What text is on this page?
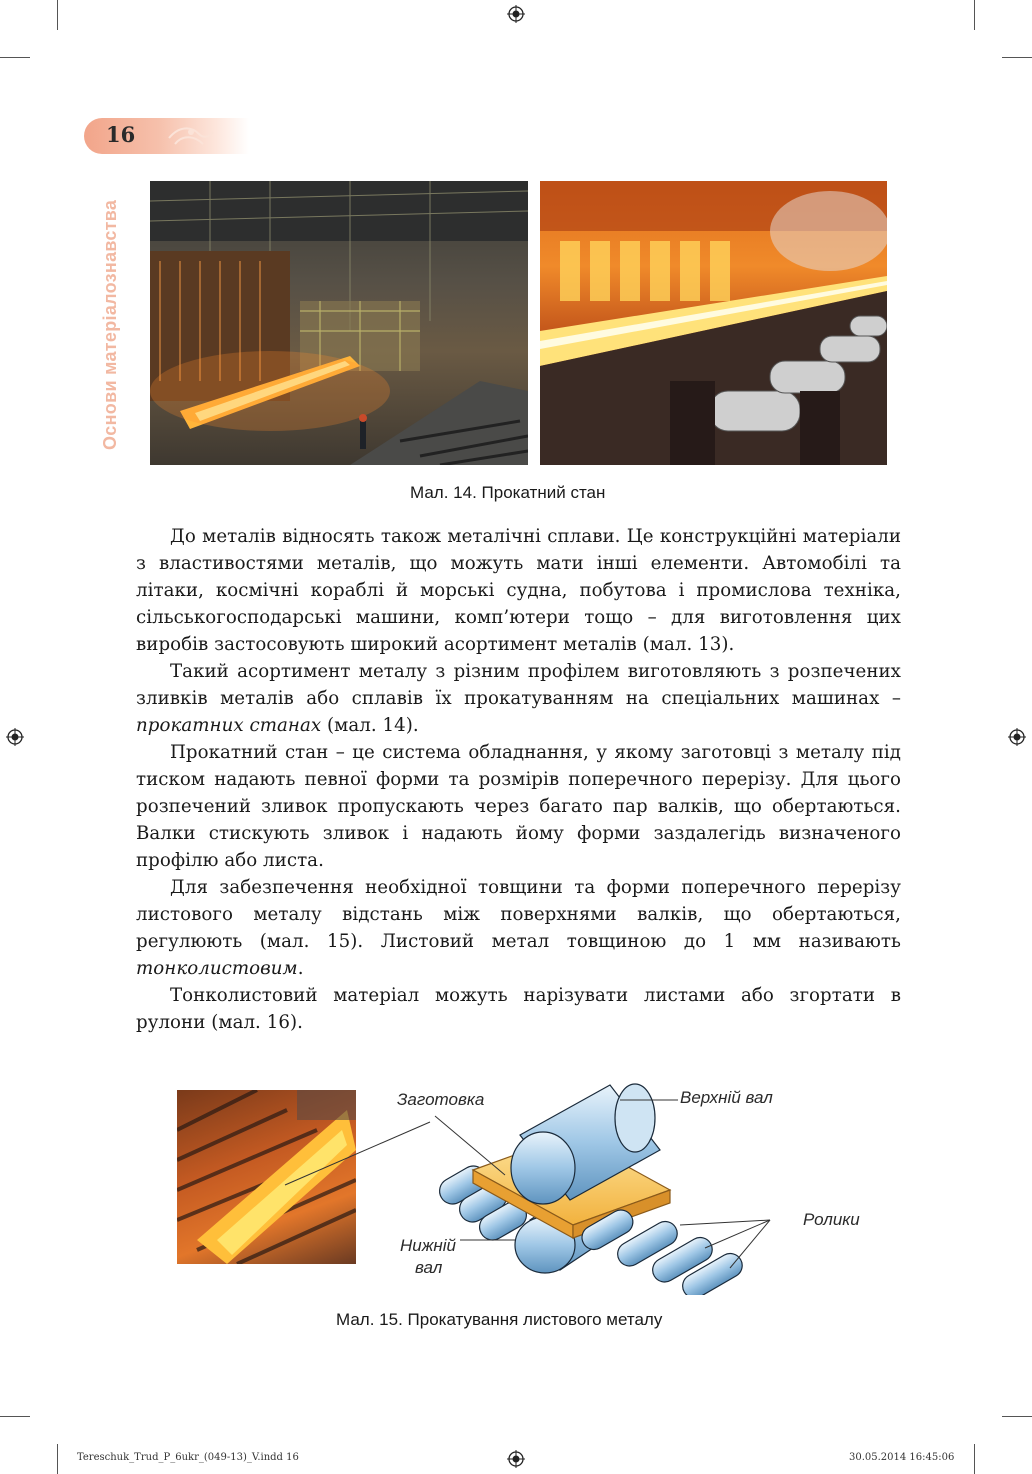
16
Основи матеріалознавства
Мал. 14. Прокатний стан

До металів відносять також металічні сплави. Це конструкційні матеріали з властивостями металів, що можуть мати інші елементи. Автомобілі та літаки, космічні кораблі й морські судна, побутова і промислова техніка, сільськогосподарські машини, комп’ютери тощо – для виготовлення цих виробів застосовують широкий асортимент металів (мал. 13).

Такий асортимент металу з різним профілем виготовляють з розпечених зливків металів або сплавів їх прокатуванням на спеціальних машинах – прокатних станах (мал. 14).

Прокатний стан – це система обладнання, у якому заготовці з металу під тиском надають певної форми та розмірів поперечного перерізу. Для цього розпечений зливок пропускають через багато пар валків, що обертаються. Валки стискують зливок і надають йому форми заздалегідь визначеного профілю або листа.

Для забезпечення необхідної товщини та форми поперечного перерізу листового металу відстань між поверхнями валків, що обертаються, регулюють (мал. 15). Листовий метал товщиною до 1 мм називають тонколистовим.

Тонколистовий матеріал можуть нарізувати листами або згортати в рулони (мал. 16).

Заготовка	Верхній вал
Ролики
Нижній
вал
Мал. 15. Прокатування листового металу
Tereschuk_Trud_P_6ukr_(049-13)_V.indd 16	30.05.2014 16:45:06
